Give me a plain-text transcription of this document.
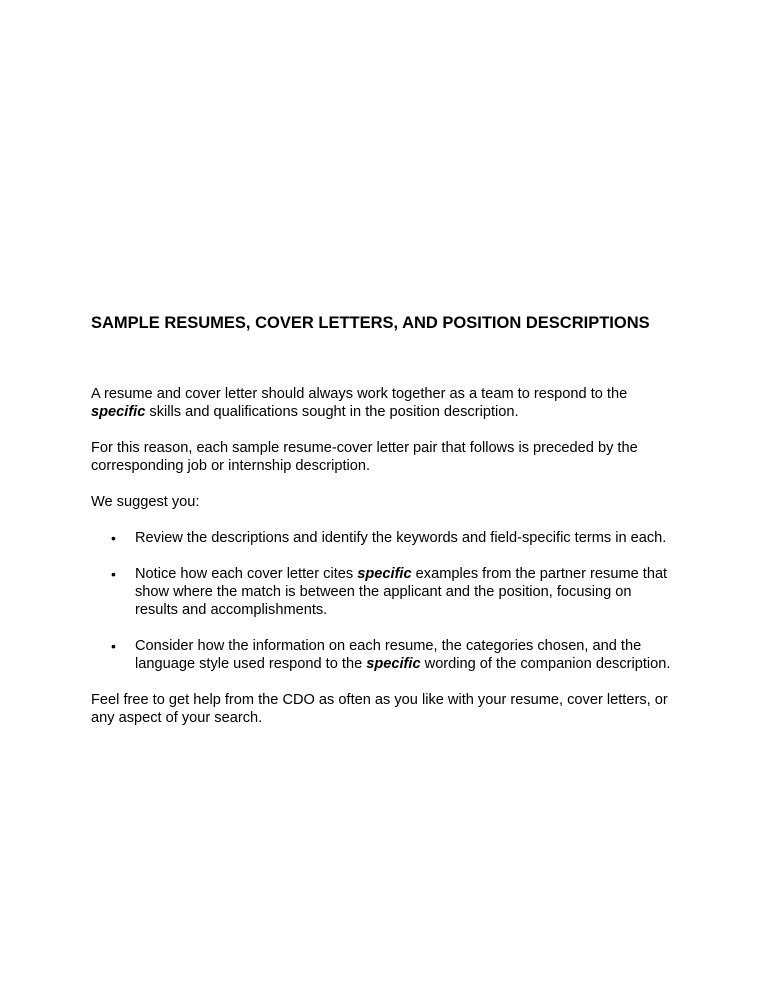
SAMPLE RESUMES, COVER LETTERS, AND POSITION DESCRIPTIONS

A resume and cover letter should always work together as a team to respond to the
specific skills and qualifications sought in the position description.

For this reason, each sample resume-cover letter pair that follows is preceded by the
corresponding job or internship description.

We suggest you:

• Review the descriptions and identify the keywords and field-specific terms in each.
• Notice how each cover letter cites specific examples from the partner resume that
show where the match is between the applicant and the position, focusing on
results and accomplishments.
• Consider how the information on each resume, the categories chosen, and the
language style used respond to the specific wording of the companion description.

Feel free to get help from the CDO as often as you like with your resume, cover letters, or
any aspect of your search.
